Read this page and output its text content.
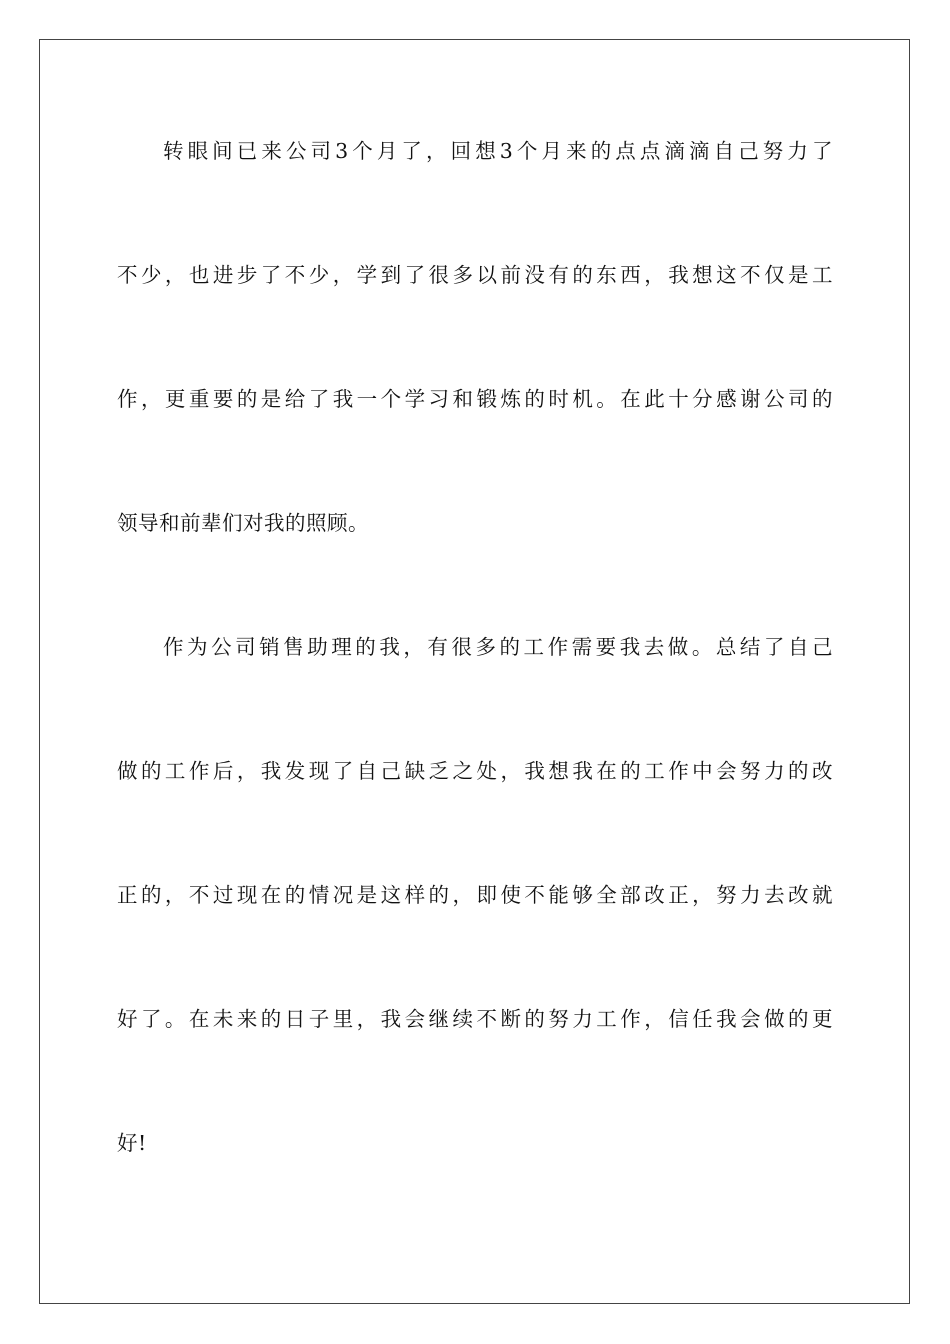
转眼间已来公司3个月了，回想3个月来的点点滴滴自己努力了
不少，也进步了不少，学到了很多以前没有的东西，我想这不仅是工
作，更重要的是给了我一个学习和锻炼的时机。在此十分感谢公司的
领导和前辈们对我的照顾。
作为公司销售助理的我，有很多的工作需要我去做。总结了自己
做的工作后，我发现了自己缺乏之处，我想我在的工作中会努力的改
正的，不过现在的情况是这样的，即使不能够全部改正，努力去改就
好了。在未来的日子里，我会继续不断的努力工作，信任我会做的更
好!
